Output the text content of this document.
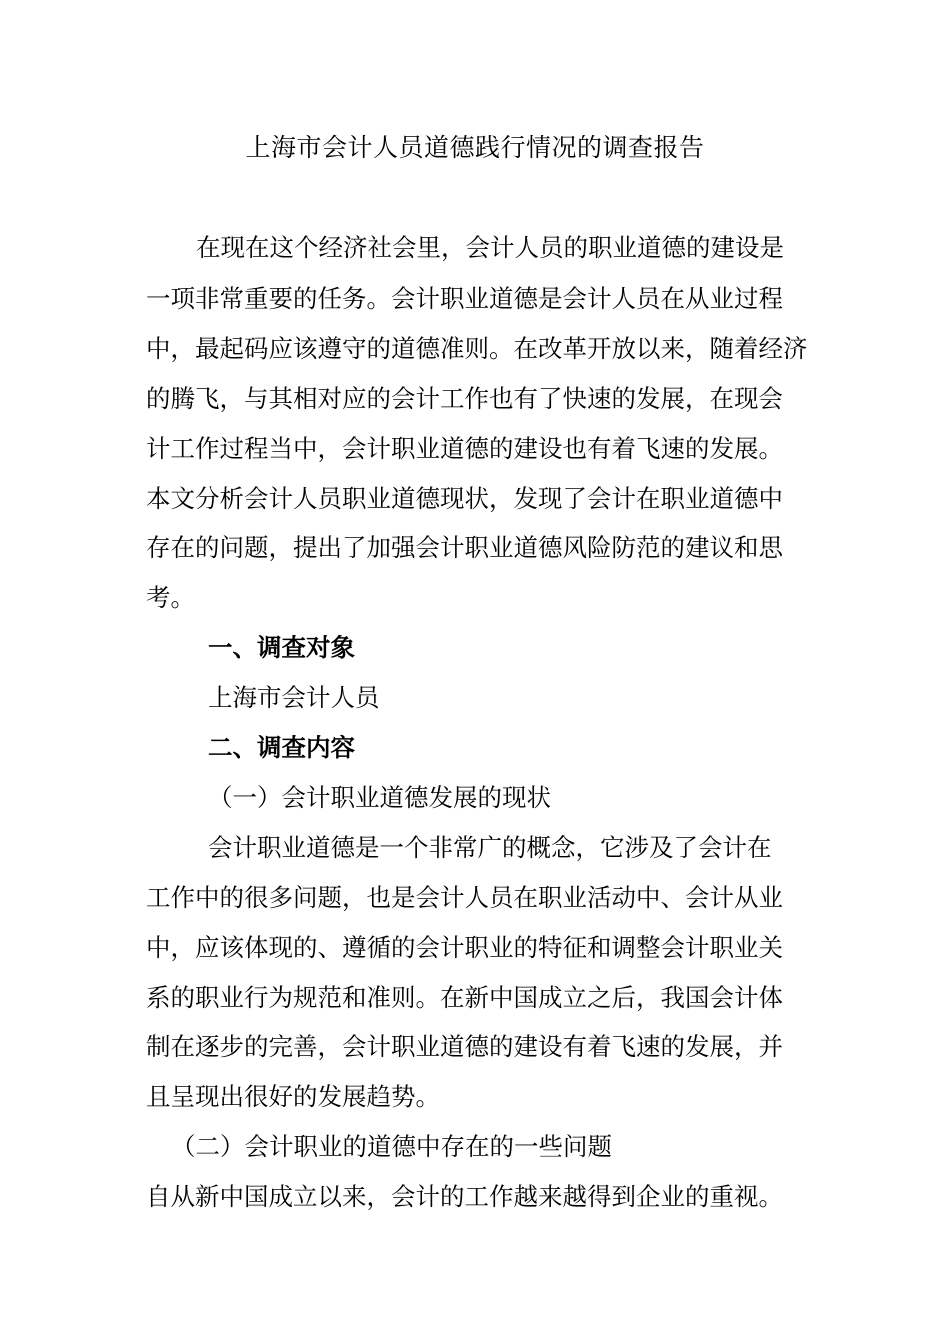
上海市会计人员道德践行情况的调查报告
在现在这个经济社会里，会计人员的职业道德的建设是
一项非常重要的任务。会计职业道德是会计人员在从业过程
中，最起码应该遵守的道德准则。在改革开放以来，随着经济
的腾飞，与其相对应的会计工作也有了快速的发展，在现会
计工作过程当中，会计职业道德的建设也有着飞速的发展。
本文分析会计人员职业道德现状，发现了会计在职业道德中
存在的问题，提出了加强会计职业道德风险防范的建议和思
考。
一、调查对象
上海市会计人员
二、调查内容
（一）会计职业道德发展的现状
会计职业道德是一个非常广的概念，它涉及了会计在
工作中的很多问题，也是会计人员在职业活动中、会计从业
中，应该体现的、遵循的会计职业的特征和调整会计职业关
系的职业行为规范和准则。在新中国成立之后，我国会计体
制在逐步的完善，会计职业道德的建设有着飞速的发展，并
且呈现出很好的发展趋势。
（二）会计职业的道德中存在的一些问题
自从新中国成立以来，会计的工作越来越得到企业的重视。
